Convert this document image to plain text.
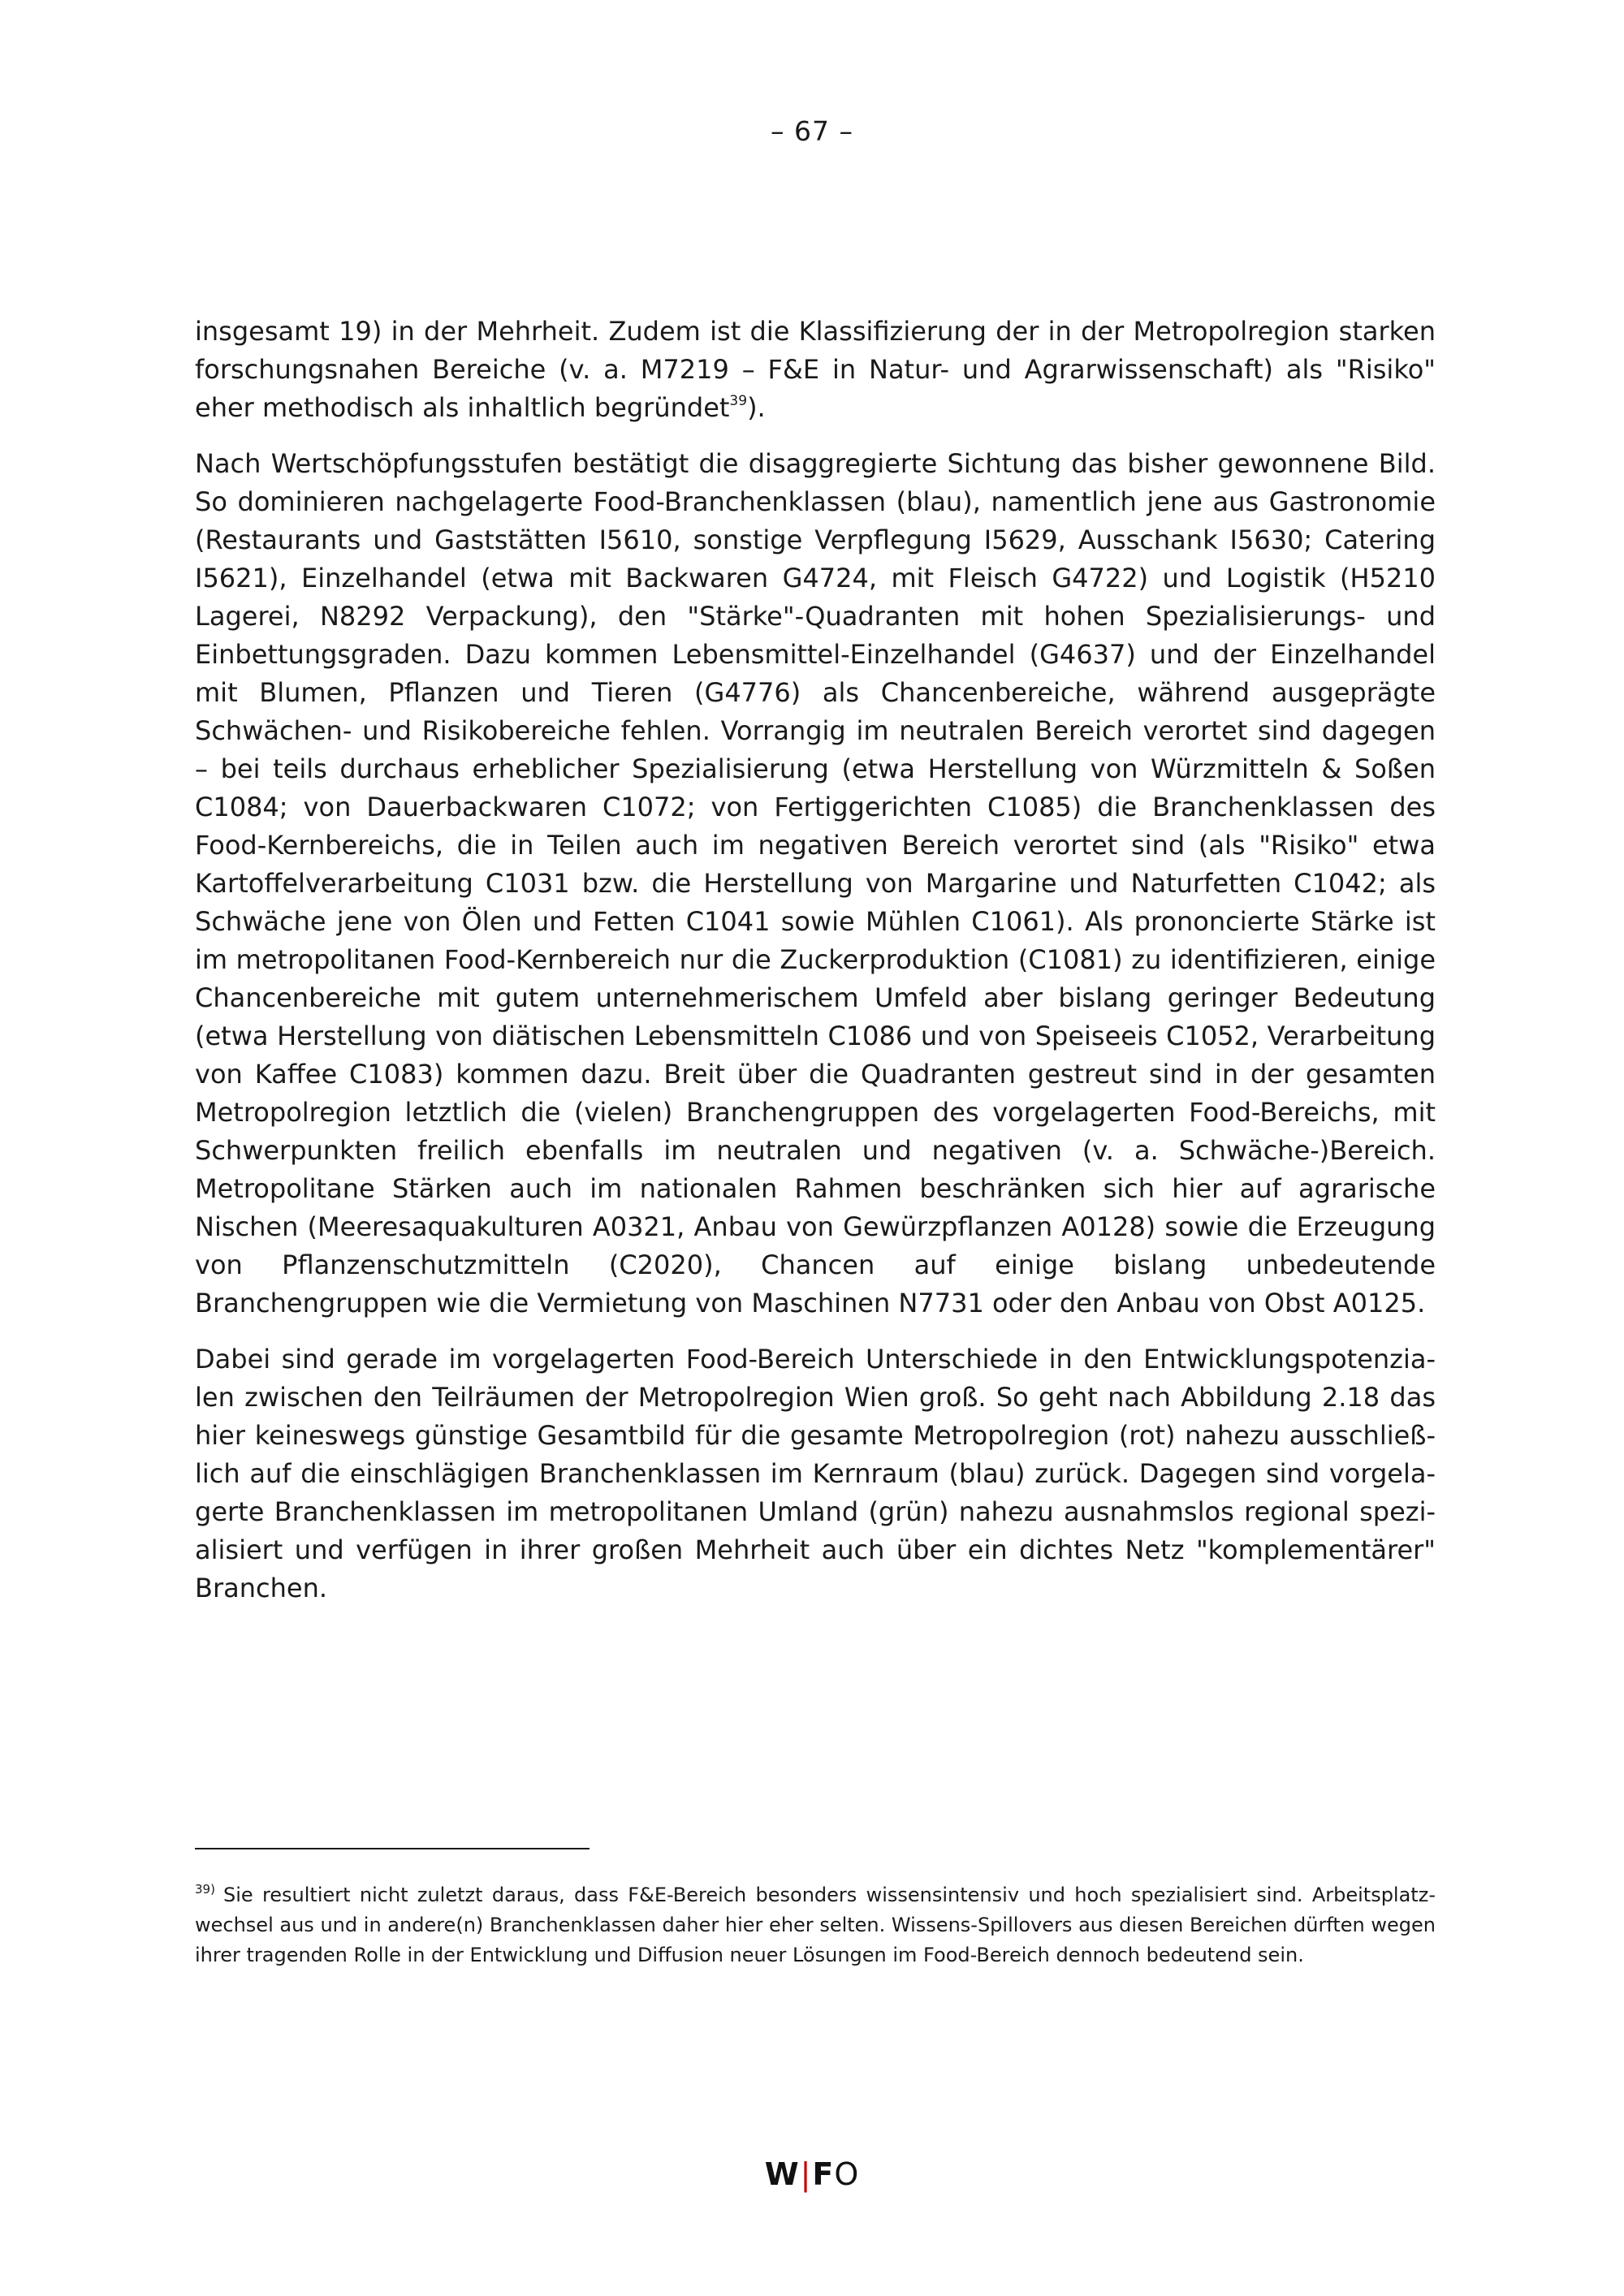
– 67 –

insgesamt 19) in der Mehrheit. Zudem ist die Klassifizierung der in der Metropolregion starken forschungsnahen Bereiche (v. a. M7219 – F&E in Natur- und Agrarwissenschaft) als "Risiko" eher methodisch als inhaltlich begründet$^{39}$).

Nach Wertschöpfungsstufen bestätigt die disaggregierte Sichtung das bisher gewonnene Bild. So dominieren nachgelagerte Food-Branchenklassen (blau), namentlich jene aus Gastronomie (Restaurants und Gaststätten I5610, sonstige Verpflegung I5629, Ausschank I5630; Catering I5621), Einzelhandel (etwa mit Backwaren G4724, mit Fleisch G4722) und Logistik (H5210 Lagerei, N8292 Verpackung), den "Stärke"-Quadranten mit hohen Spezialisierungs- und Einbettungsgraden. Dazu kommen Lebensmittel-Einzelhandel (G4637) und der Einzelhandel mit Blumen, Pflanzen und Tieren (G4776) als Chancenbereiche, während ausgeprägte Schwächen- und Risikobereiche fehlen. Vorrangig im neutralen Bereich verortet sind dagegen – bei teils durchaus erheblicher Spezialisierung (etwa Herstellung von Würzmitteln & Soßen C1084; von Dauerbackwaren C1072; von Fertiggerichten C1085) die Branchenklassen des Food-Kernbereichs, die in Teilen auch im negativen Bereich verortet sind (als "Risiko" etwa Kartoffelverarbeitung C1031 bzw. die Herstellung von Margarine und Naturfetten C1042; als Schwäche jene von Ölen und Fetten C1041 sowie Mühlen C1061). Als prononcierte Stärke ist im metropolitanen Food-Kernbereich nur die Zuckerproduktion (C1081) zu identifizieren, einige Chancenbereiche mit gutem unternehmerischem Umfeld aber bislang geringer Bedeutung (etwa Herstellung von diätischen Lebensmitteln C1086 und von Speiseeis C1052, Verarbeitung von Kaffee C1083) kommen dazu. Breit über die Quadranten gestreut sind in der gesamten Metropolregion letztlich die (vielen) Branchengruppen des vorgelagerten Food-Bereichs, mit Schwerpunkten freilich ebenfalls im neutralen und negativen (v. a. Schwäche-)Bereich. Metropolitane Stärken auch im nationalen Rahmen beschränken sich hier auf agrarische Nischen (Meeresaquakulturen A0321, Anbau von Gewürzpflanzen A0128) sowie die Erzeugung von Pflanzenschutzmitteln (C2020), Chancen auf einige bislang unbedeutende Branchengruppen wie die Vermietung von Maschinen N7731 oder den Anbau von Obst A0125.

Dabei sind gerade im vorgelagerten Food-Bereich Unterschiede in den Entwicklungspotenzialen zwischen den Teilräumen der Metropolregion Wien groß. So geht nach Abbildung 2.18 das hier keineswegs günstige Gesamtbild für die gesamte Metropolregion (rot) nahezu ausschließlich auf die einschlägigen Branchenklassen im Kernraum (blau) zurück. Dagegen sind vorgelagerte Branchenklassen im metropolitanen Umland (grün) nahezu ausnahmslos regional spezialisiert und verfügen in ihrer großen Mehrheit auch über ein dichtes Netz "komplementärer" Branchen.

$^{39)}$ Sie resultiert nicht zuletzt daraus, dass F&E-Bereich besonders wissensintensiv und hoch spezialisiert sind. Arbeitsplatzwechsel aus und in andere(n) Branchenklassen daher hier eher selten. Wissens-Spillovers aus diesen Bereichen dürften wegen ihrer tragenden Rolle in der Entwicklung und Diffusion neuer Lösungen im Food-Bereich dennoch bedeutend sein.
W|FO
